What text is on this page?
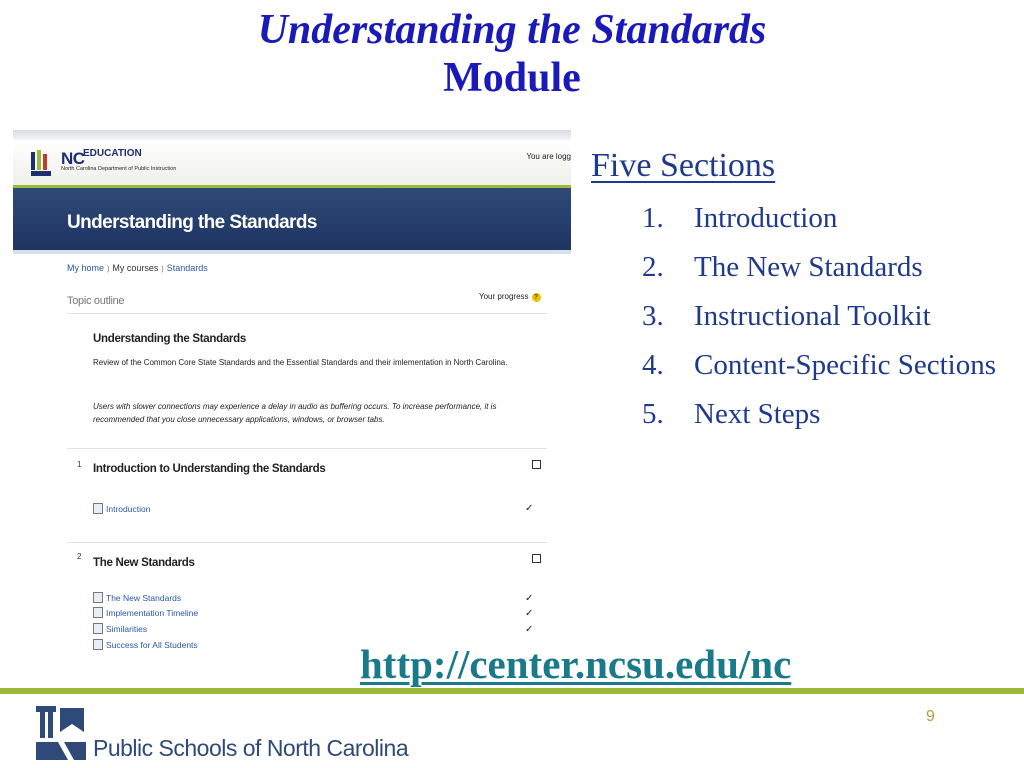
Understanding the Standards
Module
NC
EDUCATION
North Carolina Department of Public Instruction
You are logg
Understanding the Standards
My home ) My courses ) Standards
Topic outline	Your progress ?
Understanding the Standards
Review of the Common Core State Standards and the Essential Standards and their imlementation in North Carolina.
Users with slower connections may experience a delay in audio as buffering occurs. To increase performance, it is recommended that you close unnecessary applications, windows, or browser tabs.
1 Introduction to Understanding the Standards
Introduction	✓
2
The New Standards
The New Standards	✓
Implementation Timeline	✓
Similarities	✓
Success for All Students
Five Sections
1. Introduction
2. The New Standards
3. Instructional Toolkit
4. Content-Specific Sections
5. Next Steps
http://center.ncsu.edu/nc
9
Public Schools of North Carolina
